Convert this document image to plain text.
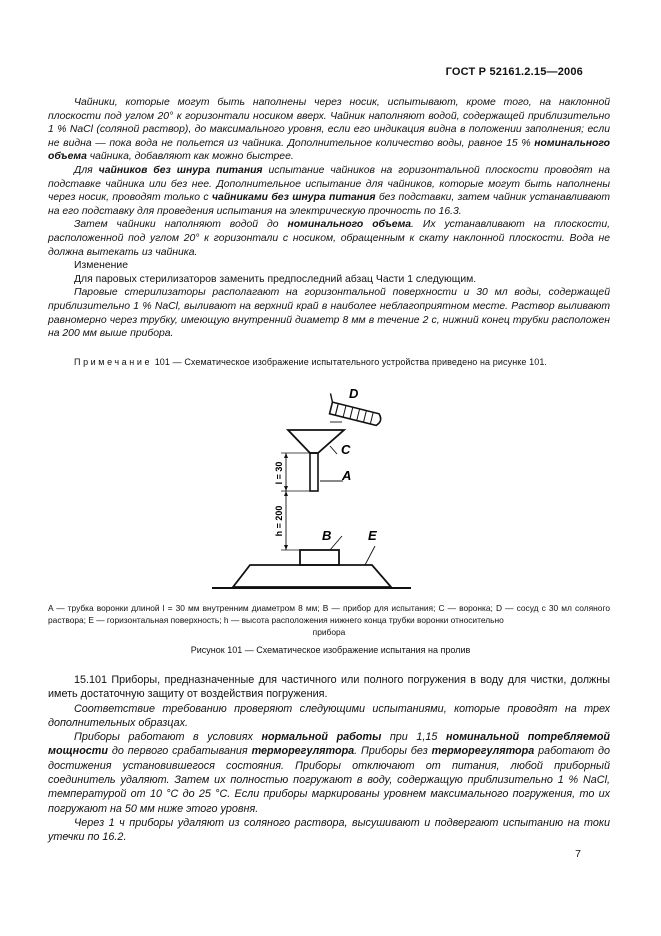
ГОСТ Р 52161.2.15—2006

Чайники, которые могут быть наполнены через носик, испытывают, кроме того, на наклонной плоскости под углом 20° к горизонтали носиком вверх. Чайник наполняют водой, содержащей приблизительно 1 % NaCl (соляной раствор), до максимального уровня, если его индикация видна в положении заполнения; если не видна — пока вода не польется из чайника. Дополнительное количество воды, равное 15 % номинального объема чайника, добавляют как можно быстрее.

Для чайников без шнура питания испытание чайников на горизонтальной плоскости проводят на подставке чайника или без нее. Дополнительное испытание для чайников, которые могут быть наполнены через носик, проводят только с чайниками без шнура питания без подставки, затем чайник устанавливают на его подставку для проведения испытания на электрическую прочность по 16.3.

Затем чайники наполняют водой до номинального объема. Их устанавливают на плоскости, расположенной под углом 20° к горизонтали с носиком, обращенным к скату наклонной плоскости. Вода не должна вытекать из чайника.

Изменение

Для паровых стерилизаторов заменить предпоследний абзац Части 1 следующим.

Паровые стерилизаторы располагают на горизонтальной поверхности и 30 мл воды, содержащей приблизительно 1 % NaCl, выливают на верхний край в наиболее неблагоприятном месте. Раствор выливают равномерно через трубку, имеющую внутренний диаметр 8 мм в течение 2 с, нижний конец трубки расположен на 200 мм выше прибора.

Примечание 101 — Схематическое изображение испытательного устройства приведено на рисунке 101.
l = 30
h = 200
D
C
A
B	E
A — трубка воронки длиной l = 30 мм внутренним диаметром 8 мм; B — прибор для испытания; C — воронка; D — сосуд с 30 мл соляного раствора; E — горизонтальная поверхность; h — высота расположения нижнего конца трубки воронки относительно
прибора
Рисунок 101 — Схематическое изображение испытания на пролив

15.101 Приборы, предназначенные для частичного или полного погружения в воду для чистки, должны иметь достаточную защиту от воздействия погружения.

Соответствие требованию проверяют следующими испытаниями, которые проводят на трех дополнительных образцах.

Приборы работают в условиях нормальной работы при 1,15 номинальной потребляемой мощности до первого срабатывания терморегулятора. Приборы без терморегулятора работают до достижения установившегося состояния. Приборы отключают от питания, любой приборный соединитель удаляют. Затем их полностью погружают в воду, содержащую приблизительно 1 % NaCl, температурой от 10 °С до 25 °С. Если приборы маркированы уровнем максимального погружения, то их погружают на 50 мм ниже этого уровня.

Через 1 ч приборы удаляют из соляного раствора, высушивают и подвергают испытанию на токи утечки по 16.2.

7
